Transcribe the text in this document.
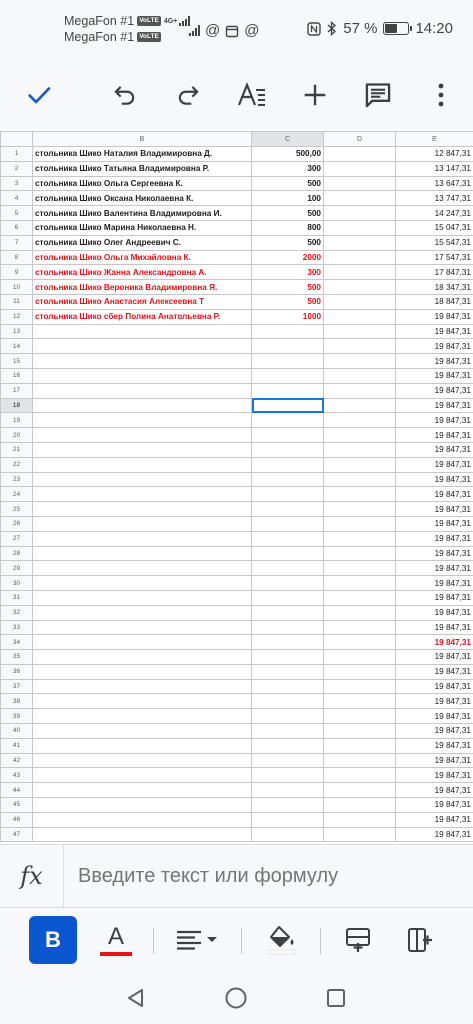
MegaFon #1 VoLTE 4G+
MegaFon #1 VoLTE	@ @	57 %	14:20
	B	C	D	E
1	стольника Шико Наталия Владимировна Д.	500,00		12 847,31
2	стольника Шико Татьяна Владимировна Р.	300		13 147,31
3	стольника Шико Ольга Сергеевна К.	500		13 647,31
4	стольника Шико Оксана Николаевна К.	100		13 747,31
5	стольника Шико Валентина Владимировна И.	500		14 247,31
6	стольника Шико Марина Николаевна Н.	800		15 047,31
7	стольника Шико Олег Андреевич С.	500		15 547,31
8	стольника Шико Ольга Михайловна К.	2000		17 547,31
9	стольника Шико Жанна Александровна А.	300		17 847,31
10	стольника Шико Вероника Владимировна Я.	500		18 347,31
11	стольника Шико Анастасия Алексеевна Т	500		18 847,31
12	стольника Шико сбер Полина Анатольевна Р.	1000		19 847,31
13				19 847,31
14				19 847,31
15				19 847,31
16				19 847,31
17				19 847,31
18				19 847,31
19				19 847,31
20				19 847,31
21				19 847,31
22				19 847,31
23				19 847,31
24				19 847,31
25				19 847,31
26				19 847,31
27				19 847,31
28				19 847,31
29				19 847,31
30				19 847,31
31				19 847,31
32				19 847,31
33				19 847,31
34				19 847,31
35				19 847,31
36				19 847,31
37				19 847,31
38				19 847,31
39				19 847,31
40				19 847,31
41				19 847,31
42				19 847,31
43				19 847,31
44				19 847,31
45				19 847,31
46				19 847,31
47				19 847,31
fx
Введите текст или формулу
B	A
